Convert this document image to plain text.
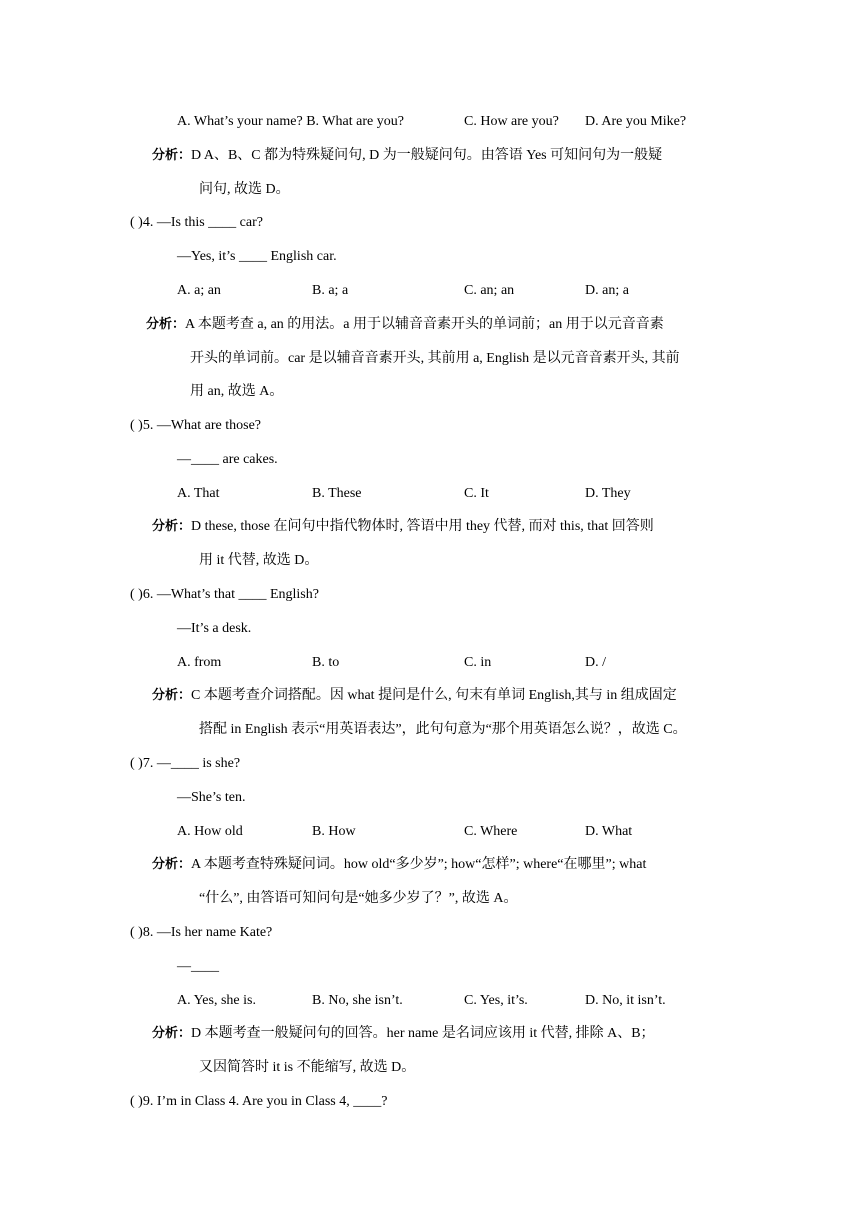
A. What’s your name? B. What are you?	C. How are you? D. Are you Mike?
分析：D A、B、C 都为特殊疑问句, D 为一般疑问句。由答语 Yes 可知问句为一般疑
问句, 故选 D。
( )4. —Is this ____ car?
—Yes, it’s ____ English car.
A. a; an	B. a; a	C. an; an	D. an; a
分析：A 本题考查 a, an 的用法。a 用于以辅音音素开头的单词前；an 用于以元音音素
开头的单词前。car 是以辅音音素开头, 其前用 a, English 是以元音音素开头, 其前
用 an, 故选 A。
( )5. —What are those?
—____ are cakes.
A. That	B. These	C. It	D. They
分析：D these, those 在问句中指代物体时, 答语中用 they 代替, 而对 this, that 回答则
用 it 代替, 故选 D。
( )6. —What’s that ____ English?
—It’s a desk.
A. from	B. to	C. in	D. /
分析：C 本题考查介词搭配。因 what 提问是什么, 句末有单词 English,其与 in 组成固定
搭配 in English 表示“用英语表达”，此句句意为“那个用英语怎么说？，故选 C。
( )7. —____ is she?
—She’s ten.
A. How old	B. How	C. Where	D. What
分析：A 本题考查特殊疑问词。how old“多少岁”; how“怎样”; where“在哪里”; what
“什么”, 由答语可知问句是“她多少岁了？”, 故选 A。
( )8. —Is her name Kate?
—____
A. Yes, she is.	B. No, she isn’t.	C. Yes, it’s.	D. No, it isn’t.
分析：D 本题考查一般疑问句的回答。her name 是名词应该用 it 代替, 排除 A、B；
又因简答时 it is 不能缩写, 故选 D。
( )9. I’m in Class 4. Are you in Class 4, ____?
